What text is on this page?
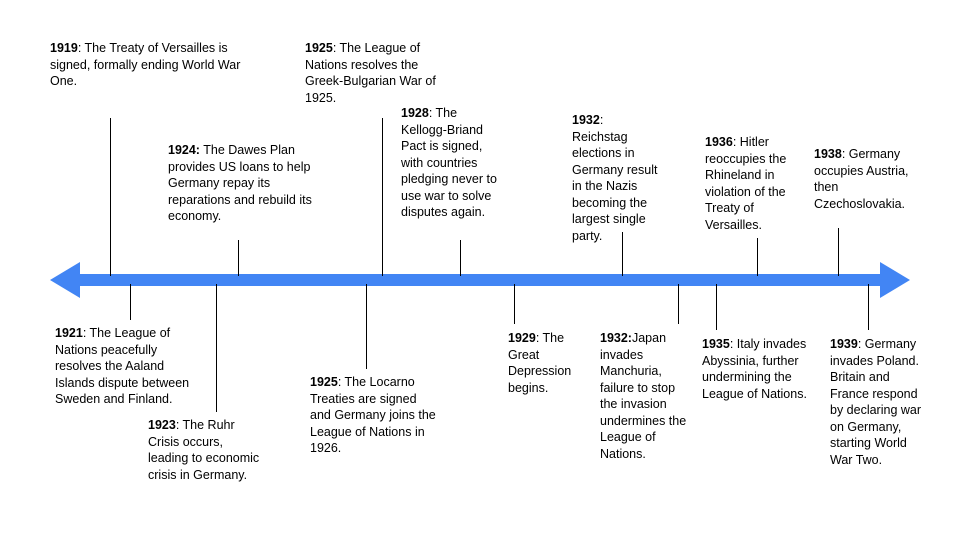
1919: The Treaty of Versailles is signed, formally ending World War One.
1924: The Dawes Plan provides US loans to help Germany repay its reparations and rebuild its economy.
1925: The League of Nations resolves the Greek-Bulgarian War of 1925.
1928: The Kellogg-Briand Pact is signed, with countries pledging never to use war to solve disputes again.
1932: Reichstag elections in Germany result in the Nazis becoming the largest single party.
1936: Hitler reoccupies the Rhineland in violation of the Treaty of Versailles.
1938: Germany occupies Austria, then Czechoslovakia.
1921: The League of Nations peacefully resolves the Aaland Islands dispute between Sweden and Finland.
1923: The Ruhr Crisis occurs, leading to economic crisis in Germany.
1925: The Locarno Treaties are signed and Germany joins the League of Nations in 1926.
1929: The Great Depression begins.
1932:Japan invades Manchuria, failure to stop the invasion undermines the League of Nations.
1935: Italy invades Abyssinia, further undermining the League of Nations.
1939: Germany invades Poland. Britain and France respond by declaring war on Germany, starting World War Two.
